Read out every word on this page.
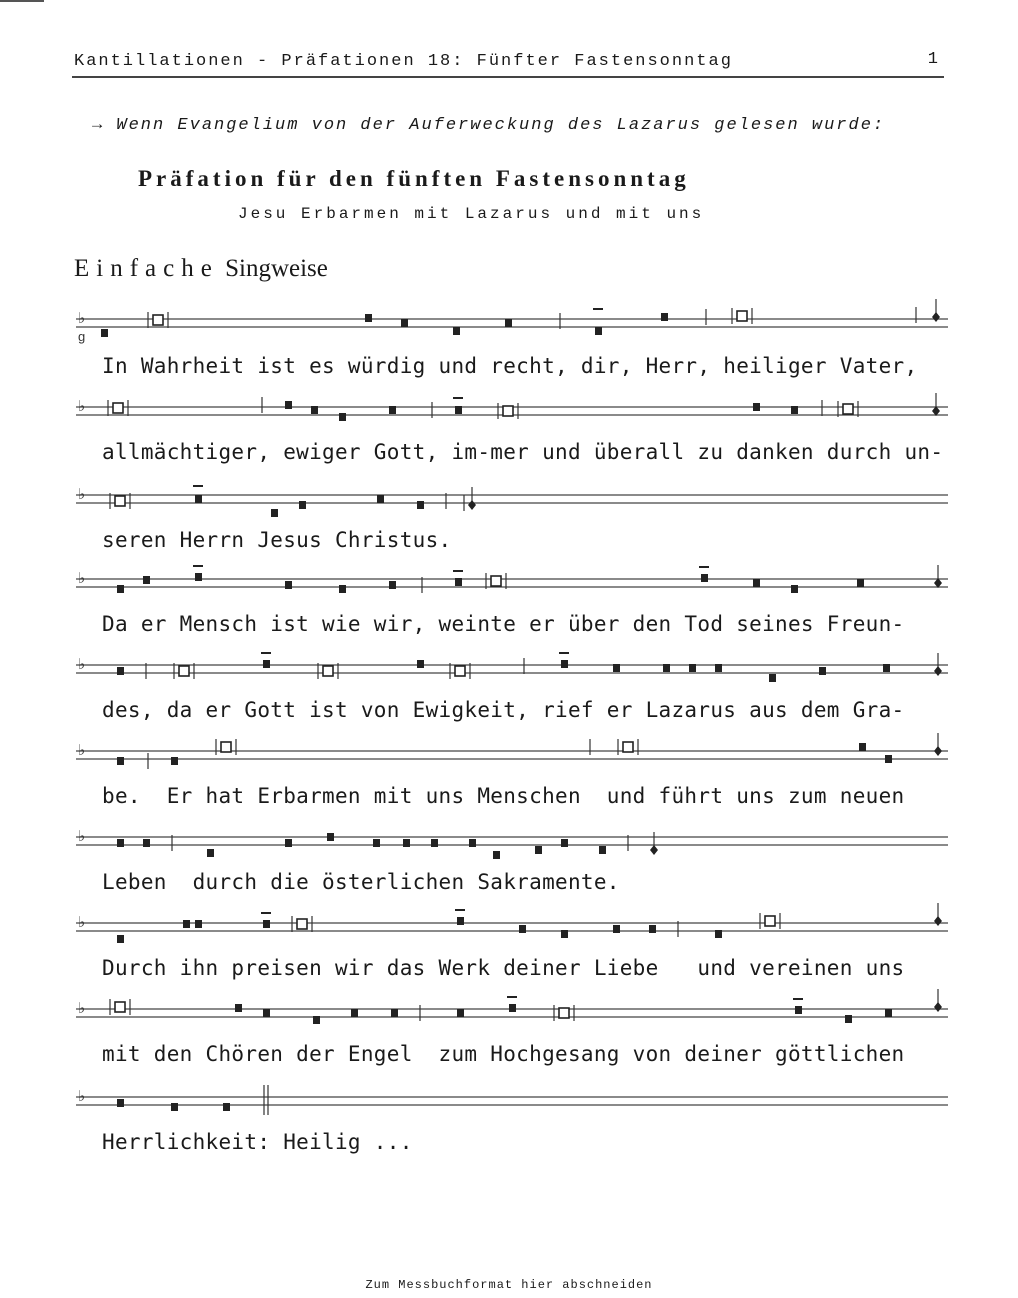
Kantillationen - Präfationen 18: Fünfter Fastensonntag	1
→ Wenn Evangelium von der Auferweckung des Lazarus gelesen wurde:
Präfation für den fünften Fastensonntag
Jesu Erbarmen mit Lazarus und mit uns
Einfache Singweise
♭
g
♭
♭
♭
♭
♭
♭
♭
♭
♭
In Wahrheit ist es würdig und recht, dir, Herr, heiliger Vater,
allmächtiger, ewiger Gott, im-mer und überall zu danken durch un-
seren Herrn Jesus Christus.
Da er Mensch ist wie wir, weinte er über den Tod seines Freun-
des, da er Gott ist von Ewigkeit, rief er Lazarus aus dem Gra-
be.  Er hat Erbarmen mit uns Menschen  und führt uns zum neuen
Leben  durch die österlichen Sakramente.
Durch ihn preisen wir das Werk deiner Liebe   und vereinen uns
mit den Chören der Engel  zum Hochgesang von deiner göttlichen
Herrlichkeit: Heilig ...
Zum Messbuchformat hier abschneiden
